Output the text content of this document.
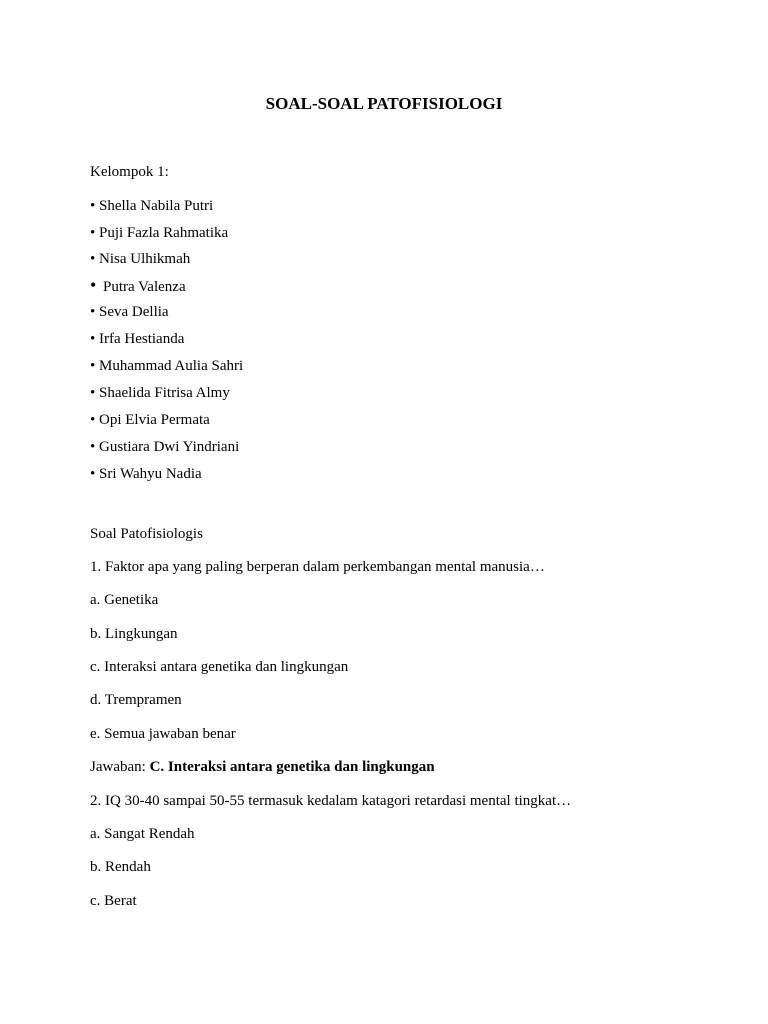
SOAL-SOAL PATOFISIOLOGI
Kelompok 1:
• Shella Nabila Putri
• Puji Fazla Rahmatika
• Nisa Ulhikmah
• Putra Valenza
• Seva Dellia
• Irfa Hestianda
• Muhammad Aulia Sahri
• Shaelida Fitrisa Almy
• Opi Elvia Permata
• Gustiara Dwi Yindriani
• Sri Wahyu Nadia
Soal Patofisiologis
1. Faktor apa yang paling berperan dalam perkembangan mental manusia…
a. Genetika
b. Lingkungan
c. Interaksi antara genetika dan lingkungan
d. Trempramen
e. Semua jawaban benar
Jawaban: C. Interaksi antara genetika dan lingkungan
2. IQ 30-40 sampai 50-55 termasuk kedalam katagori retardasi mental tingkat…
a. Sangat Rendah
b. Rendah
c. Berat
